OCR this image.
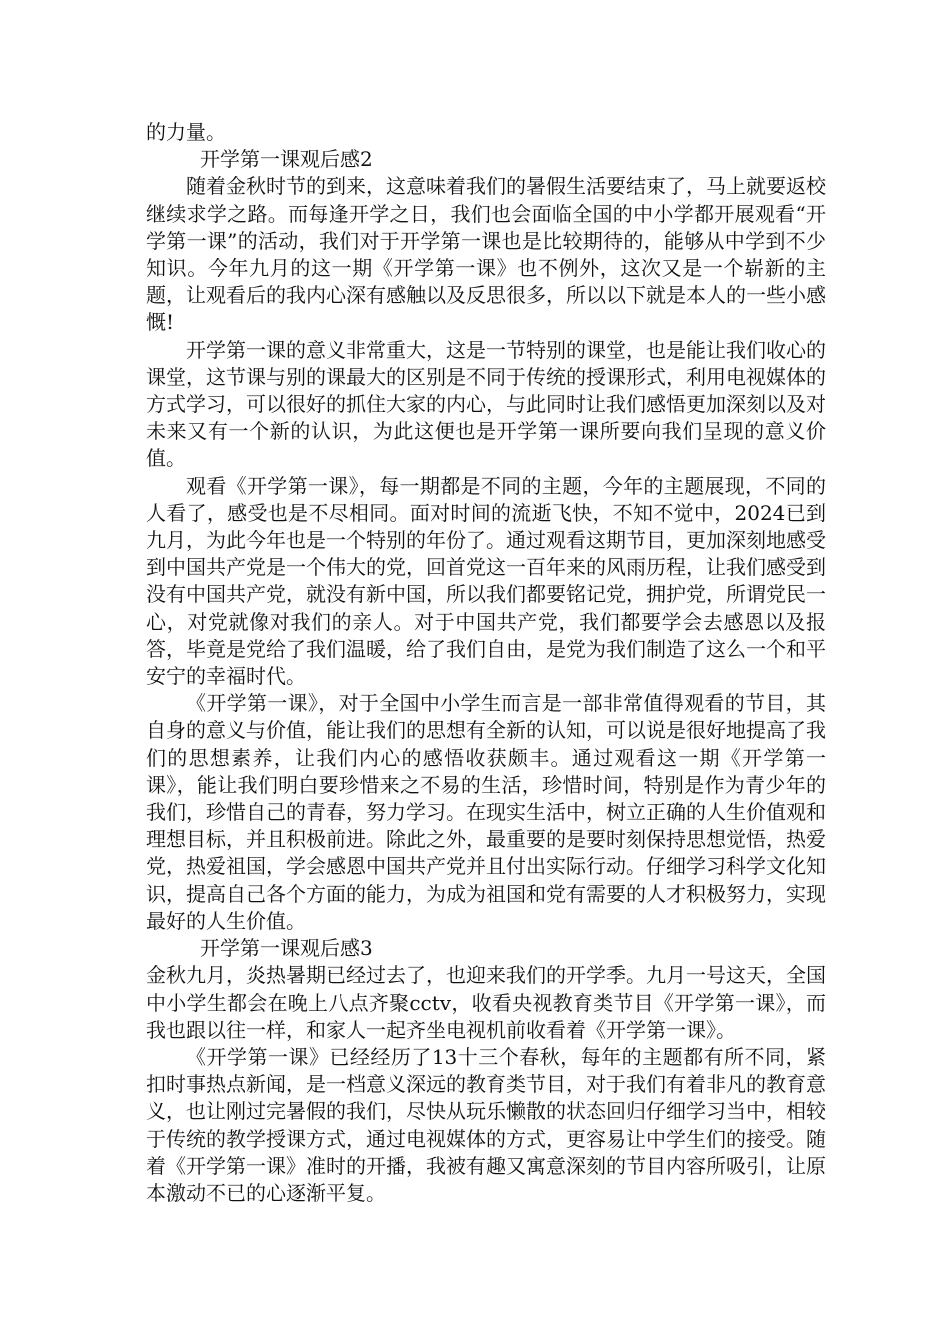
的力量。

开学第一课观后感2

随着金秋时节的到来，这意味着我们的暑假生活要结束了，马上就要返校继续求学之路。而每逢开学之日，我们也会面临全国的中小学都开展观看“开学第一课”的活动，我们对于开学第一课也是比较期待的，能够从中学到不少知识。今年九月的这一期《开学第一课》也不例外，这次又是一个崭新的主题，让观看后的我内心深有感触以及反思很多，所以以下就是本人的一些小感慨!

开学第一课的意义非常重大，这是一节特别的课堂，也是能让我们收心的课堂，这节课与别的课最大的区别是不同于传统的授课形式，利用电视媒体的方式学习，可以很好的抓住大家的内心，与此同时让我们感悟更加深刻以及对未来又有一个新的认识，为此这便也是开学第一课所要向我们呈现的意义价值。

观看《开学第一课》，每一期都是不同的主题，今年的主题展现，不同的人看了，感受也是不尽相同。面对时间的流逝飞快，不知不觉中，2024已到九月，为此今年也是一个特别的年份了。通过观看这期节目，更加深刻地感受到中国共产党是一个伟大的党，回首党这一百年来的风雨历程，让我们感受到没有中国共产党，就没有新中国，所以我们都要铭记党，拥护党，所谓党民一心，对党就像对我们的亲人。对于中国共产党，我们都要学会去感恩以及报答，毕竟是党给了我们温暖，给了我们自由，是党为我们制造了这么一个和平安宁的幸福时代。

《开学第一课》，对于全国中小学生而言是一部非常值得观看的节目，其自身的意义与价值，能让我们的思想有全新的认知，可以说是很好地提高了我们的思想素养，让我们内心的感悟收获颇丰。通过观看这一期《开学第一课》，能让我们明白要珍惜来之不易的生活，珍惜时间，特别是作为青少年的我们，珍惜自己的青春，努力学习。在现实生活中，树立正确的人生价值观和理想目标，并且积极前进。除此之外，最重要的是要时刻保持思想觉悟，热爱党，热爱祖国，学会感恩中国共产党并且付出实际行动。仔细学习科学文化知识，提高自己各个方面的能力，为成为祖国和党有需要的人才积极努力，实现最好的人生价值。

开学第一课观后感3

金秋九月，炎热暑期已经过去了，也迎来我们的开学季。九月一号这天，全国中小学生都会在晚上八点齐聚cctv，收看央视教育类节目《开学第一课》，而我也跟以往一样，和家人一起齐坐电视机前收看着《开学第一课》。

《开学第一课》已经经历了13十三个春秋，每年的主题都有所不同，紧扣时事热点新闻，是一档意义深远的教育类节目，对于我们有着非凡的教育意义，也让刚过完暑假的我们，尽快从玩乐懒散的状态回归仔细学习当中，相较于传统的教学授课方式，通过电视媒体的方式，更容易让中学生们的接受。随着《开学第一课》准时的开播，我被有趣又寓意深刻的节目内容所吸引，让原本激动不已的心逐渐平复。
